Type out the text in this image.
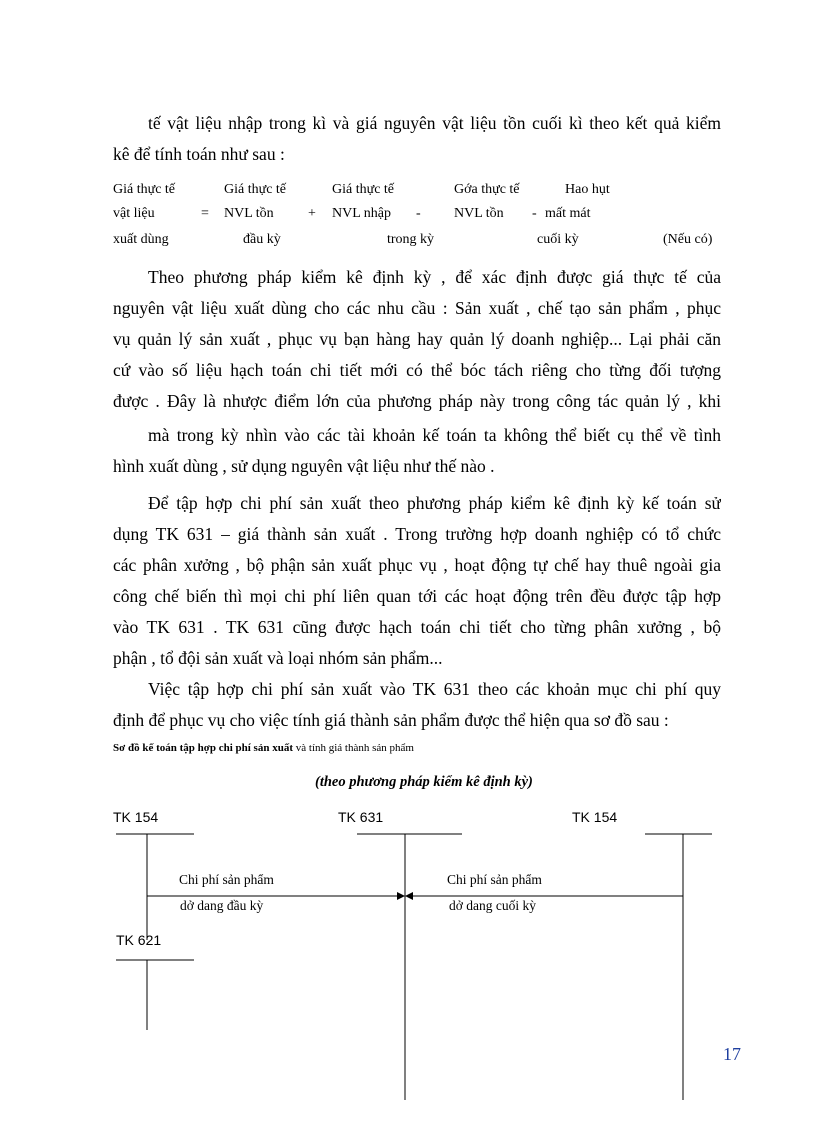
tế vật liệu nhập trong kì và giá nguyên vật liệu tồn cuối kì theo kết quả kiểm
kê để tính toán như sau :
Giá thực tế
vật liệu
xuất dùng
=
Giá thực tế
NVL tồn
đầu kỳ
+
Giá thực tế
NVL nhập
trong kỳ
-
Gớa thực tế
NVL tồn
cuối kỳ
-
Hao hụt
mất mát
(Nếu có)
Theo phương pháp kiểm kê định kỳ , để xác định được giá thực tế của
nguyên vật liệu xuất dùng cho các nhu cầu : Sản xuất , chế tạo sản phẩm , phục
vụ quản lý sản xuất , phục vụ bạn hàng hay quản lý doanh nghiệp... Lại phải căn
cứ vào số liệu hạch toán chi tiết mới có thể bóc tách riêng cho từng đối tượng
được . Đây là nhược điểm lớn của phương pháp này trong công tác quản lý , khi
mà trong kỳ nhìn vào các tài khoản kế toán ta không thể biết cụ thể về tình
hình xuất dùng , sử dụng nguyên vật liệu như thế nào .
Để tập hợp chi phí sản xuất theo phương pháp kiểm kê định kỳ kế toán sử
dụng TK 631 – giá thành sản xuất . Trong trường hợp doanh nghiệp có tổ chức
các phân xưởng , bộ phận sản xuất phục vụ , hoạt động tự chế hay thuê ngoài gia
công chế biến thì mọi chi phí liên quan tới các hoạt động trên đều được tập hợp
vào TK 631 . TK 631 cũng được hạch toán chi tiết cho từng phân xưởng , bộ
phận , tổ đội sản xuất và loại nhóm sản phẩm...
Việc tập hợp chi phí sản xuất vào TK 631 theo các khoản mục chi phí quy
định để phục vụ cho việc tính giá thành sản phẩm được thể hiện qua sơ đồ sau :
Sơ đồ kế toán tập hợp chi phí sản xuất và tính giá thành sản phẩm
(theo phương pháp kiểm kê định kỳ)
TK 154	TK 631	TK 154
TK 621
Chi phí sản phẩm
dở dang đầu kỳ
Chi phí sản phẩm
dở dang cuối kỳ
17
